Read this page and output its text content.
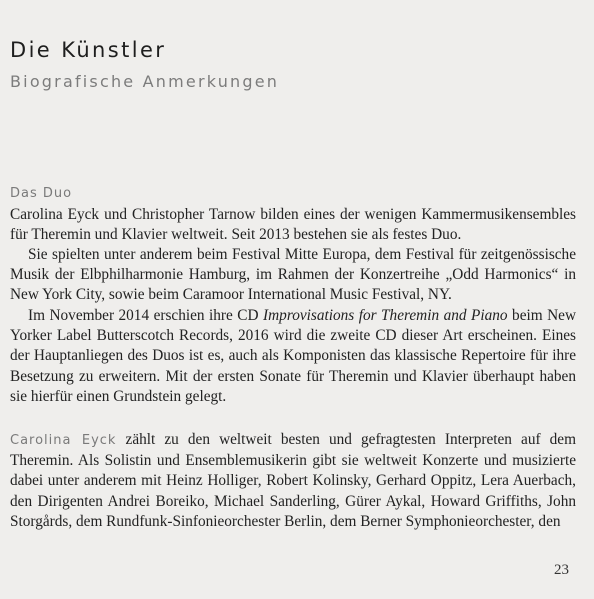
Die Künstler
Biografische Anmerkungen
Das Duo

Carolina Eyck und Christopher Tarnow bilden eines der wenigen Kammermusikensembles für Theremin und Klavier weltweit. Seit 2013 bestehen sie als festes Duo.

Sie spielten unter anderem beim Festival Mitte Europa, dem Festival für zeitgenössische Musik der Elbphilharmonie Hamburg, im Rahmen der Konzertreihe „Odd Harmonics“ in New York City, sowie beim Caramoor International Music Festival, NY.

Im November 2014 erschien ihre CD Improvisations for Theremin and Piano beim New Yorker Label Butterscotch Records, 2016 wird die zweite CD dieser Art erscheinen. Eines der Hauptanliegen des Duos ist es, auch als Komponisten das klassische Repertoire für ihre Besetzung zu erweitern. Mit der ersten Sonate für Theremin und Klavier überhaupt haben sie hierfür einen Grundstein gelegt.

Carolina Eyck zählt zu den weltweit besten und gefragtesten Interpreten auf dem Theremin. Als Solistin und Ensemblemusikerin gibt sie weltweit Konzerte und musizierte dabei unter anderem mit Heinz Holliger, Robert Kolinsky, Gerhard Oppitz, Lera Auerbach, den Dirigenten Andrei Boreiko, Michael Sanderling, Gürer Aykal, Howard Griffiths, John Storgårds, dem Rundfunk-Sinfonieorchester Berlin, dem Berner Symphonieorchester, den

23
